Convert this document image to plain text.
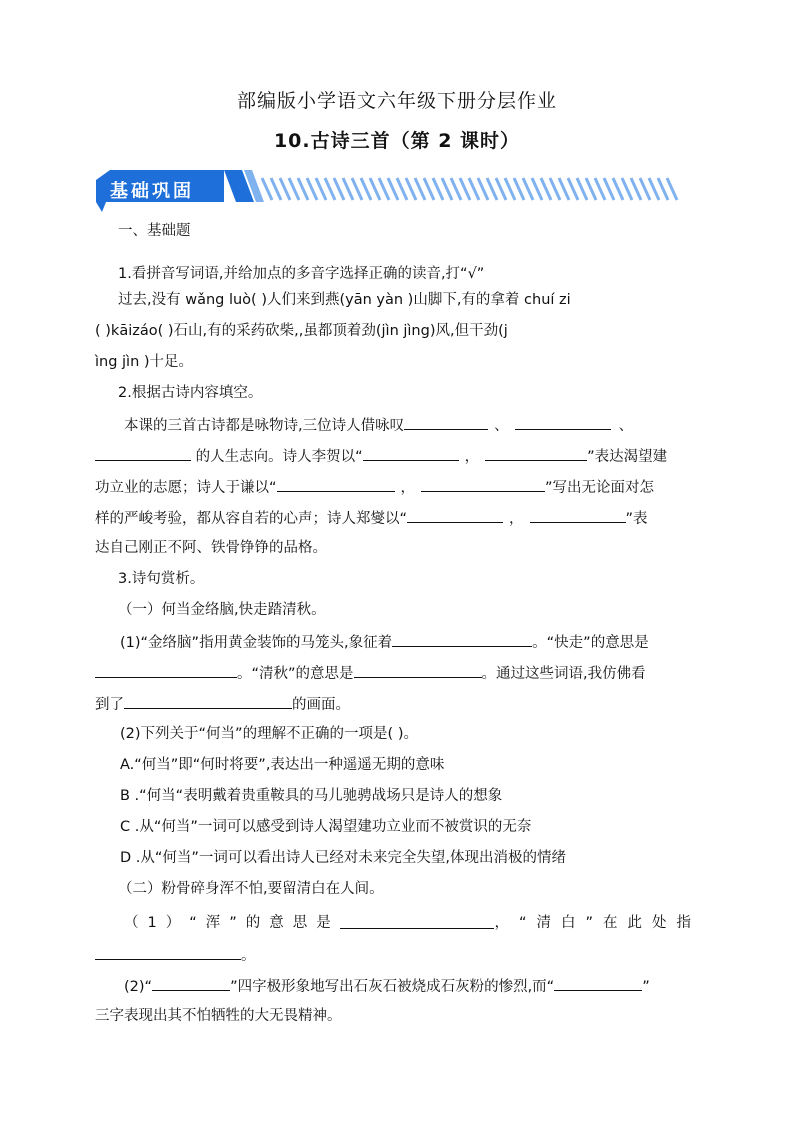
部编版小学语文六年级下册分层作业
10.古诗三首（第 2 课时）
基础巩固
一、基础题
1.看拼音写词语,并给加点的多音字选择正确的读音,打“√”
过去,没有 wǎng luò( )人们来到燕(yān yàn )山脚下,有的拿着 chuí zi
( )kāizáo( )石山,有的采药砍柴,,虽都顶着劲(jìn jìng)风,但干劲(j
ìng jìn )十足。
2.根据古诗内容填空。
本课的三首古诗都是咏物诗,三位诗人借咏叹	、	、
的人生志向。诗人李贺以“	，	”表达渴望建
功立业的志愿；诗人于谦以“	，	”写出无论面对怎
样的严峻考验，都从容自若的心声；诗人郑燮以“	，	”表
达自己刚正不阿、铁骨铮铮的品格。
3.诗句赏析。
（一）何当金络脑,快走踏清秋。
(1)“金络脑”指用黄金装饰的马笼头,象征着	。“快走”的意思是
。“清秋”的意思是	。通过这些词语,我仿佛看
到了	的画面。
(2)下列关于“何当”的理解不正确的一项是( )。
A.“何当”即“何时将要”,表达出一种遥遥无期的意味
B .“何当“表明戴着贵重鞍具的马儿驰骋战场只是诗人的想象
C .从“何当”一词可以感受到诗人渴望建功立业而不被赏识的无奈
D .从“何当”一词可以看出诗人已经对未来完全失望,体现出消极的情绪
（二）粉骨碎身浑不怕,要留清白在人间。
（1）“浑”的意思是	，“清白”在此处指
。
(2)“	”四字极形象地写出石灰石被烧成石灰粉的惨烈,而“	”
三字表现出其不怕牺牲的大无畏精神。
